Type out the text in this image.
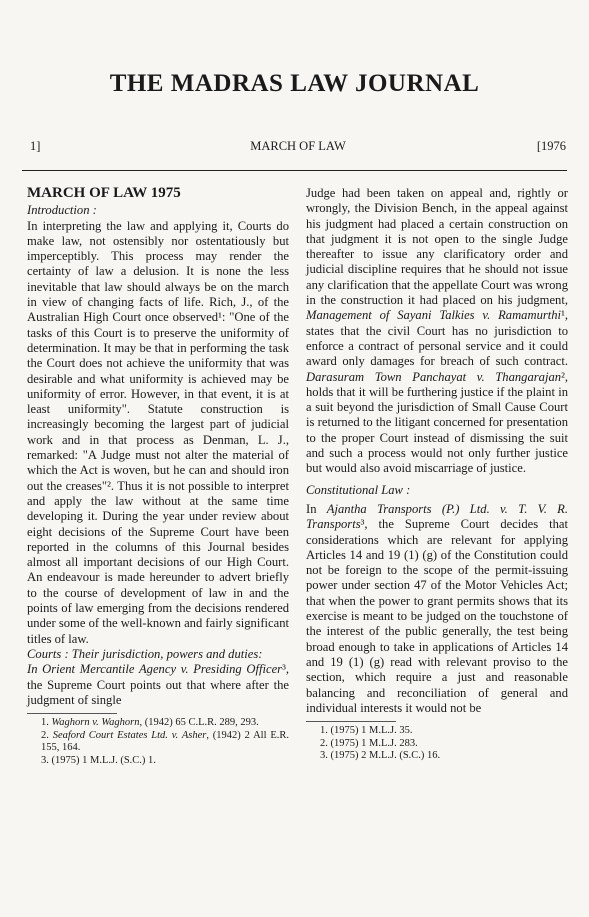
THE MADRAS LAW JOURNAL
1]	MARCH OF LAW	[1976
MARCH OF LAW 1975

Introduction :

In interpreting the law and applying it, Courts do make law, not ostensibly nor ostentatiously but imperceptibly. This process may render the certainty of law a delusion. It is none the less inevitable that law should always be on the march in view of changing facts of life. Rich, J., of the Australian High Court once observed¹: "One of the tasks of this Court is to preserve the uniformity of determination. It may be that in performing the task the Court does not achieve the uniformity that was desirable and what uniformity is achieved may be uniformity of error. However, in that event, it is at least uniformity". Statute construction is increasingly becoming the largest part of judicial work and in that process as Denman, L. J., remarked: "A Judge must not alter the material of which the Act is woven, but he can and should iron out the creases"². Thus it is not possible to interpret and apply the law without at the same time developing it. During the year under review about eight decisions of the Supreme Court have been reported in the columns of this Journal besides almost all important decisions of our High Court. An endeavour is made hereunder to advert briefly to the course of development of law in and the points of law emerging from the decisions rendered under some of the well-known and fairly significant titles of law.

Courts : Their jurisdiction, powers and duties:

In Orient Mercantile Agency v. Presiding Officer³, the Supreme Court points out that where after the judgment of single

1. Waghorn v. Waghorn, (1942) 65 C.L.R. 289, 293.
2. Seaford Court Estates Ltd. v. Asher, (1942) 2 All E.R. 155, 164.
3. (1975) 1 M.L.J. (S.C.) 1.

Judge had been taken on appeal and, rightly or wrongly, the Division Bench, in the appeal against his judgment had placed a certain construction on that judgment it is not open to the single Judge thereafter to issue any clarificatory order and judicial discipline requires that he should not issue any clarification that the appellate Court was wrong in the construction it had placed on his judgment, Management of Sayani Talkies v. Ramamurthi¹, states that the civil Court has no jurisdiction to enforce a contract of personal service and it could award only damages for breach of such contract. Darasuram Town Panchayat v. Thangarajan², holds that it will be furthering justice if the plaint in a suit beyond the jurisdiction of Small Cause Court is returned to the litigant concerned for presentation to the proper Court instead of dismissing the suit and such a process would not only further justice but would also avoid miscarriage of justice.

Constitutional Law :

In Ajantha Transports (P.) Ltd. v. T. V. R. Transports³, the Supreme Court decides that considerations which are relevant for applying Articles 14 and 19 (1) (g) of the Constitution could not be foreign to the scope of the permit-issuing power under section 47 of the Motor Vehicles Act; that when the power to grant permits shows that its exercise is meant to be judged on the touchstone of the interest of the public generally, the test being broad enough to take in applications of Articles 14 and 19 (1) (g) read with relevant proviso to the section, which require a just and reasonable balancing and reconciliation of general and individual interests it would not be

1. (1975) 1 M.L.J. 35.
2. (1975) 1 M.L.J. 283.
3. (1975) 2 M.L.J. (S.C.) 16.
